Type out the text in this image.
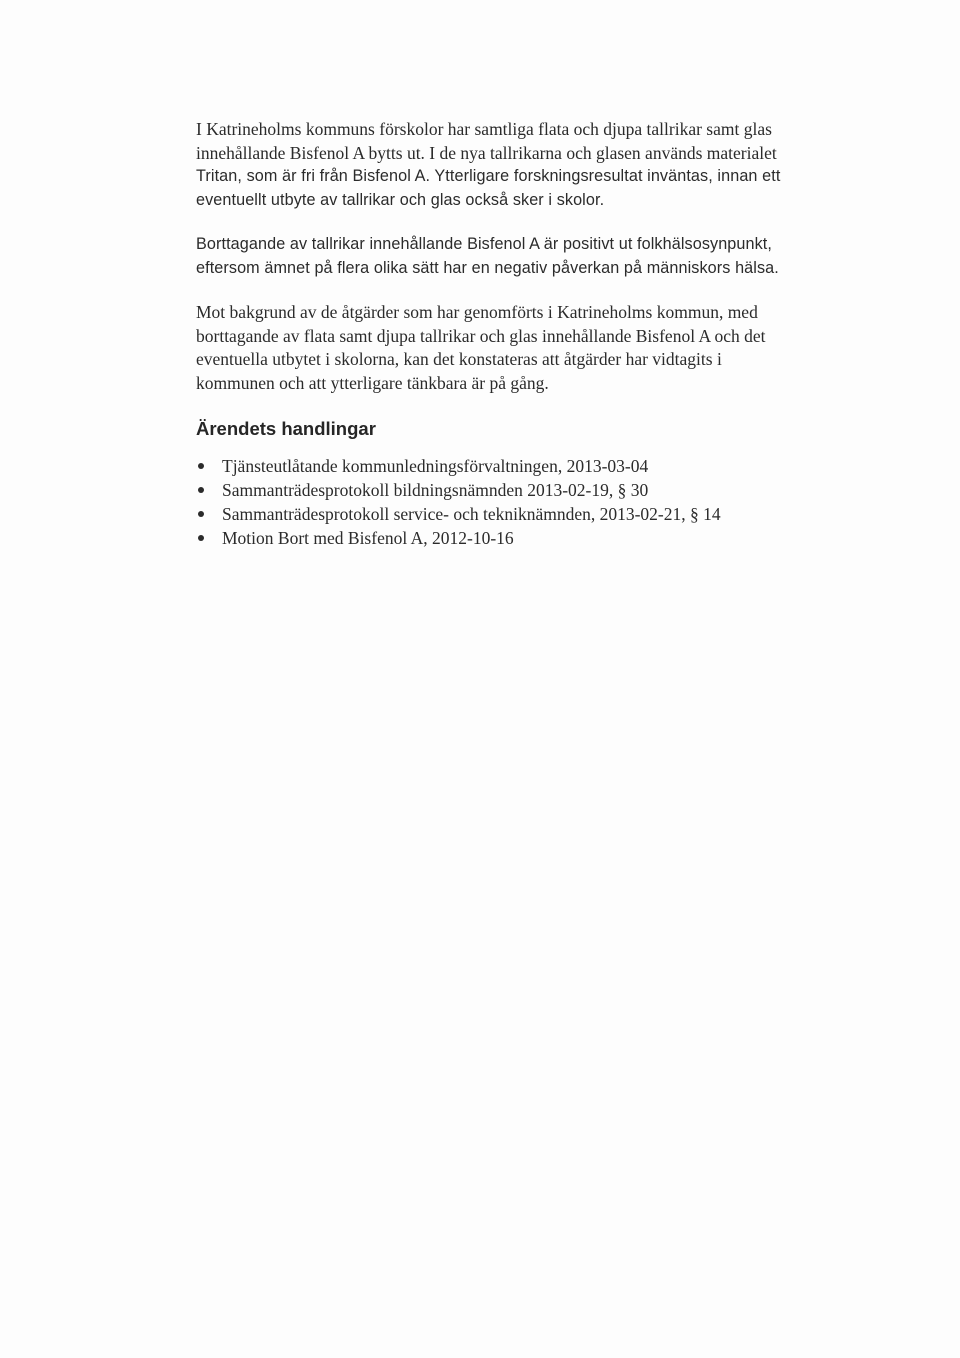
I Katrineholms kommuns förskolor har samtliga flata och djupa tallrikar samt glas
innehållande Bisfenol A bytts ut. I de nya tallrikarna och glasen används materialet
Tritan, som är fri från Bisfenol A. Ytterligare forskningsresultat inväntas, innan ett
eventuellt utbyte av tallrikar och glas också sker i skolor.
Borttagande av tallrikar innehållande Bisfenol A är positivt ut folkhälsosynpunkt,
eftersom ämnet på flera olika sätt har en negativ påverkan på människors hälsa.
Mot bakgrund av de åtgärder som har genomförts i Katrineholms kommun, med
borttagande av flata samt djupa tallrikar och glas innehållande Bisfenol A och det
eventuella utbytet i skolorna, kan det konstateras att åtgärder har vidtagits i
kommunen och att ytterligare tänkbara är på gång.
Ärendets handlingar
Tjänsteutlåtande kommunledningsförvaltningen, 2013-03-04
Sammanträdesprotokoll bildningsnämnden 2013-02-19, § 30
Sammanträdesprotokoll service- och tekniknämnden, 2013-02-21, § 14
Motion Bort med Bisfenol A, 2012-10-16
